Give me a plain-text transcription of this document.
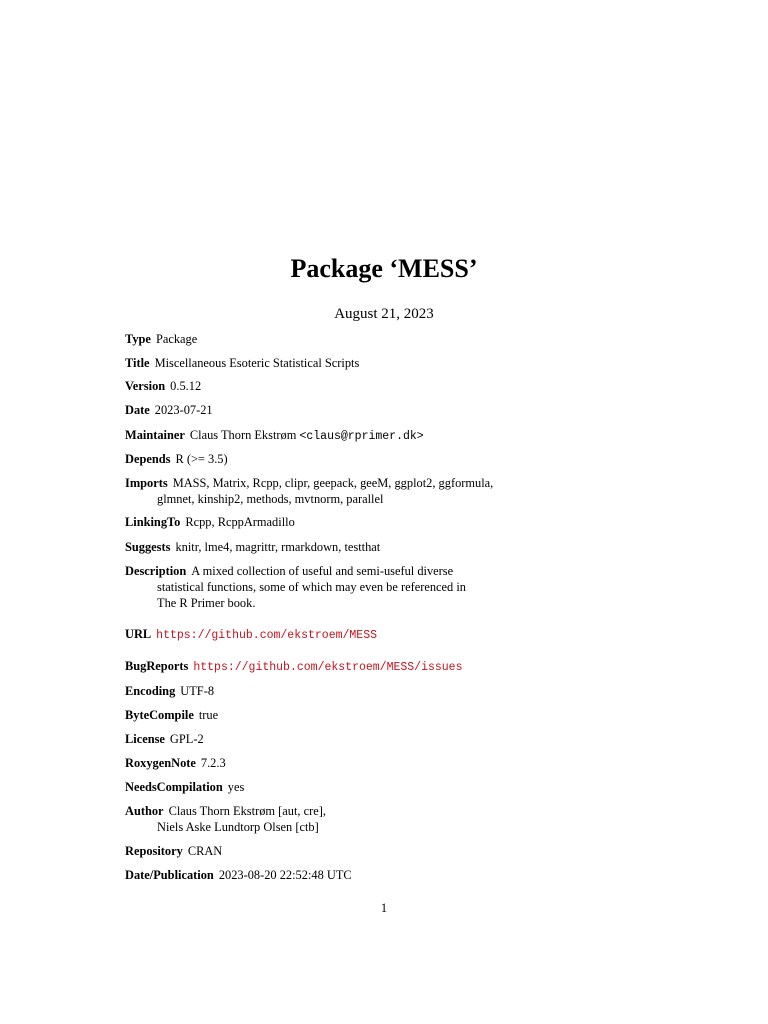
Package ‘MESS’
August 21, 2023
Type Package
Title Miscellaneous Esoteric Statistical Scripts
Version 0.5.12
Date 2023-07-21
Maintainer Claus Thorn Ekstrøm <claus@rprimer.dk>
Depends R (>= 3.5)
Imports MASS, Matrix, Rcpp, clipr, geepack, geeM, ggplot2, ggformula,
glmnet, kinship2, methods, mvtnorm, parallel
LinkingTo Rcpp, RcppArmadillo
Suggests knitr, lme4, magrittr, rmarkdown, testthat
Description A mixed collection of useful and semi-useful diverse
statistical functions, some of which may even be referenced in
The R Primer book.
URL https://github.com/ekstroem/MESS
BugReports https://github.com/ekstroem/MESS/issues
Encoding UTF-8
ByteCompile true
License GPL-2
RoxygenNote 7.2.3
NeedsCompilation yes
Author Claus Thorn Ekstrøm [aut, cre],
Niels Aske Lundtorp Olsen [ctb]
Repository CRAN
Date/Publication 2023-08-20 22:52:48 UTC
1
